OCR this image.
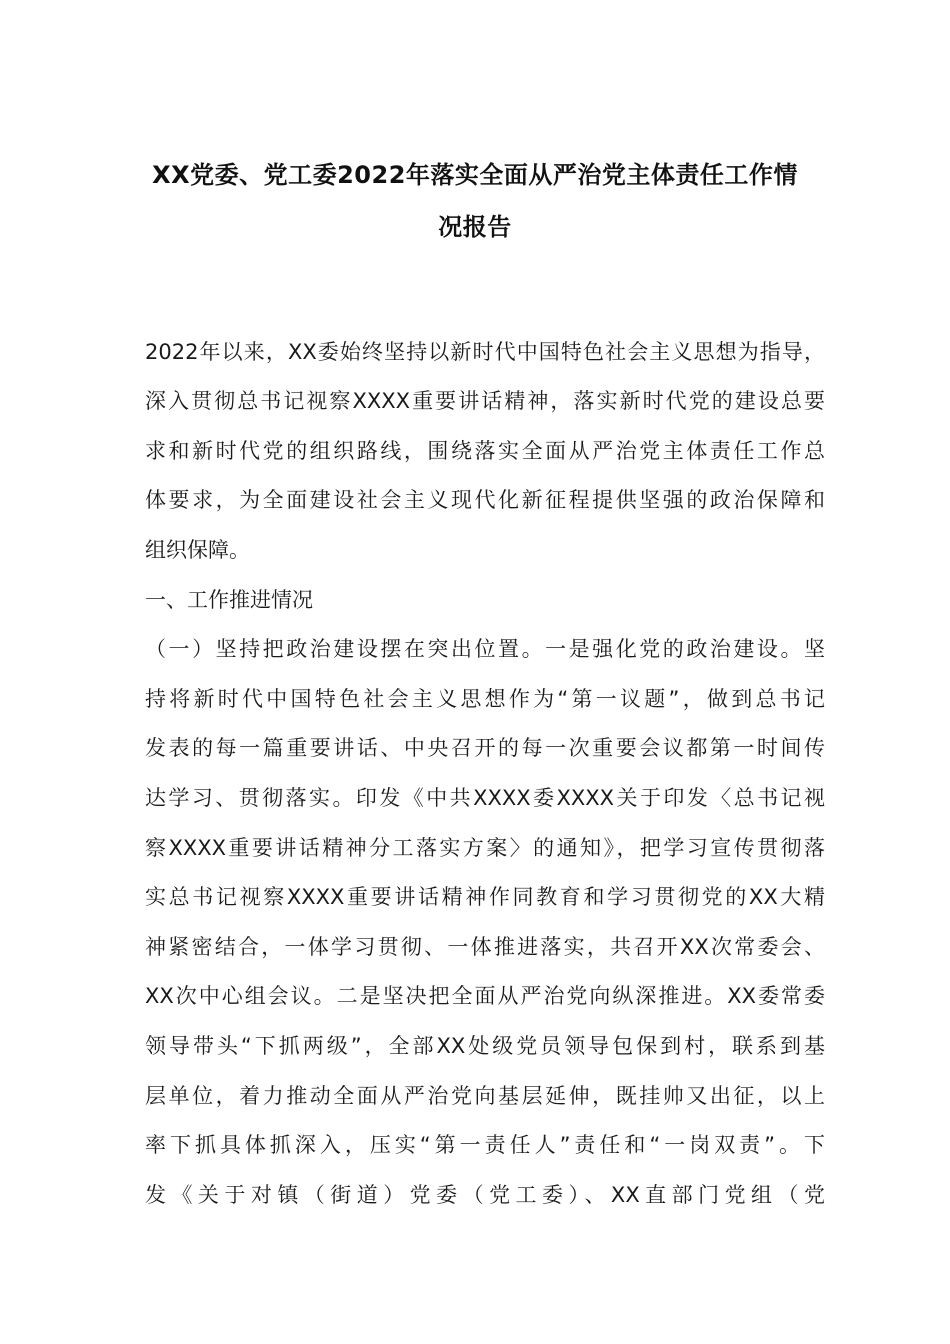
XX党委、党工委2022年落实全面从严治党主体责任工作情
况报告
2022年以来，XX委始终坚持以新时代中国特色社会主义思想为指导，
深入贯彻总书记视察XXXX重要讲话精神，落实新时代党的建设总要
求和新时代党的组织路线，围绕落实全面从严治党主体责任工作总
体要求，为全面建设社会主义现代化新征程提供坚强的政治保障和
组织保障。
一、工作推进情况
（一）坚持把政治建设摆在突出位置。一是强化党的政治建设。坚
持将新时代中国特色社会主义思想作为“第一议题”，做到总书记
发表的每一篇重要讲话、中央召开的每一次重要会议都第一时间传
达学习、贯彻落实。印发《中共XXXX委XXXX关于印发〈总书记视
察XXXX重要讲话精神分工落实方案〉的通知》，把学习宣传贯彻落
实总书记视察XXXX重要讲话精神作同教育和学习贯彻党的XX大精
神紧密结合，一体学习贯彻、一体推进落实，共召开XX次常委会、
XX次中心组会议。二是坚决把全面从严治党向纵深推进。XX委常委
领导带头“下抓两级”，全部XX处级党员领导包保到村，联系到基
层单位，着力推动全面从严治党向基层延伸，既挂帅又出征，以上
率下抓具体抓深入，压实“第一责任人”责任和“一岗双责”。下
发《关于对镇（街道）党委（党工委）、XX直部门党组（党
